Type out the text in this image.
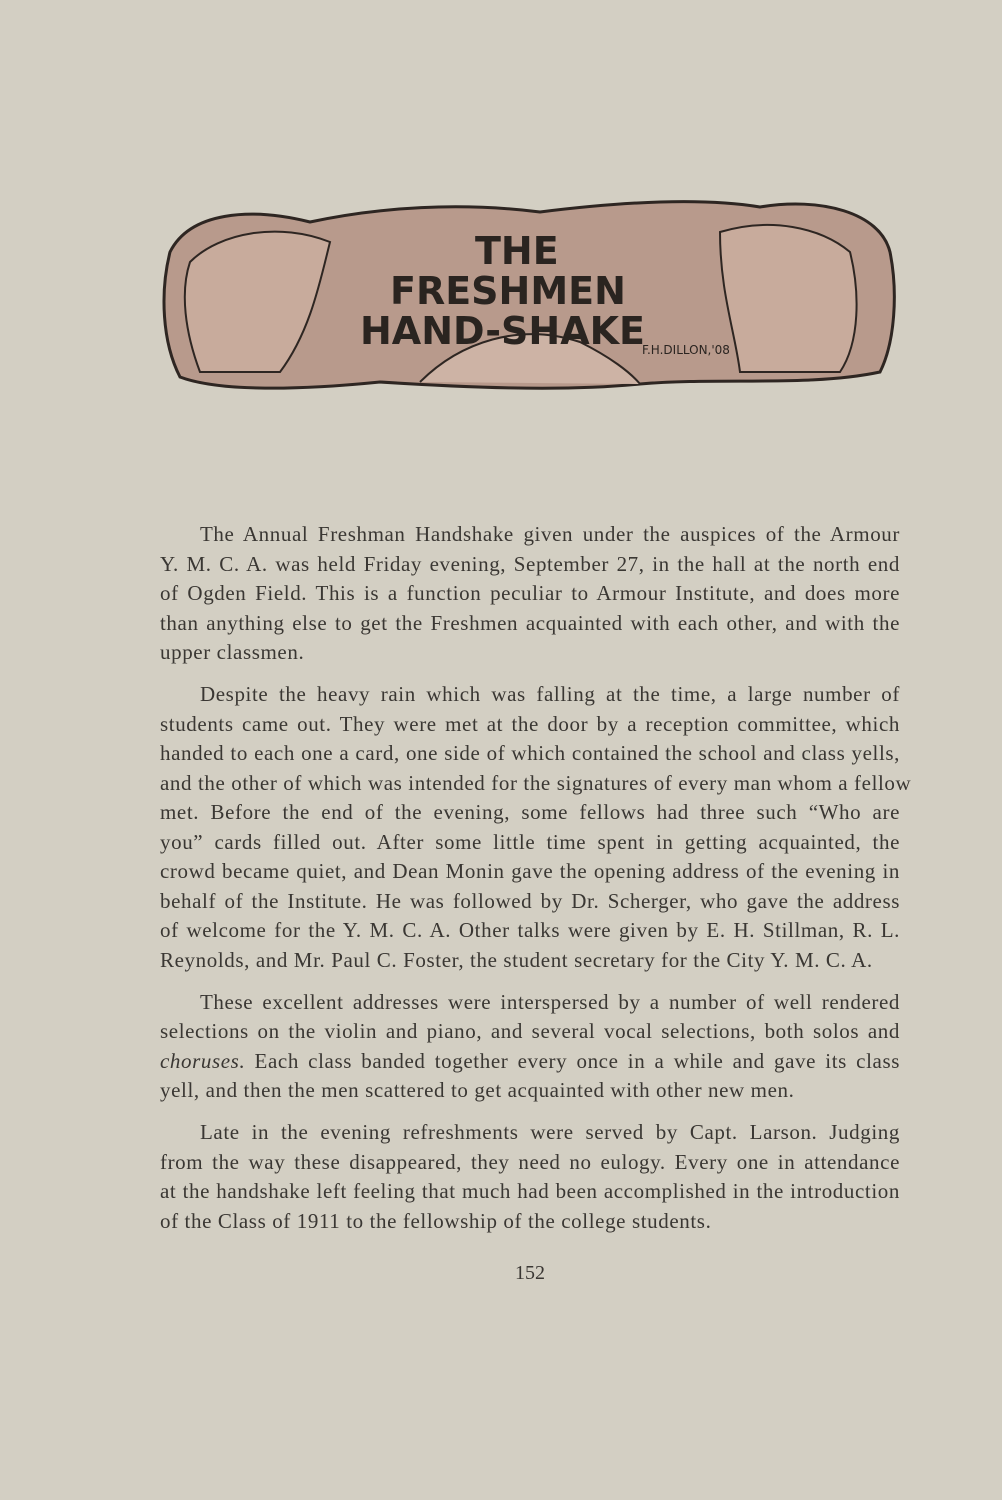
THE
FRESHMEN
HAND-SHAKE
F.H.DILLON,'08
The Annual Freshman Handshake given under the auspices of the Armour
Y. M. C. A. was held Friday evening, September 27, in the hall at the north end
of Ogden Field. This is a function peculiar to Armour Institute, and does more
than anything else to get the Freshmen acquainted with each other, and with the
upper classmen.
Despite the heavy rain which was falling at the time, a large number of
students came out. They were met at the door by a reception committee, which
handed to each one a card, one side of which contained the school and class yells,
and the other of which was intended for the signatures of every man whom a fellow
met. Before the end of the evening, some fellows had three such “Who are
you” cards filled out. After some little time spent in getting acquainted, the
crowd became quiet, and Dean Monin gave the opening address of the evening in
behalf of the Institute. He was followed by Dr. Scherger, who gave the address
of welcome for the Y. M. C. A. Other talks were given by E. H. Stillman, R. L.
Reynolds, and Mr. Paul C. Foster, the student secretary for the City Y. M. C. A.
These excellent addresses were interspersed by a number of well rendered
selections on the violin and piano, and several vocal selections, both solos and
choruses. Each class banded together every once in a while and gave its class
yell, and then the men scattered to get acquainted with other new men.
Late in the evening refreshments were served by Capt. Larson. Judging
from the way these disappeared, they need no eulogy. Every one in attendance
at the handshake left feeling that much had been accomplished in the introduction
of the Class of 1911 to the fellowship of the college students.
152
